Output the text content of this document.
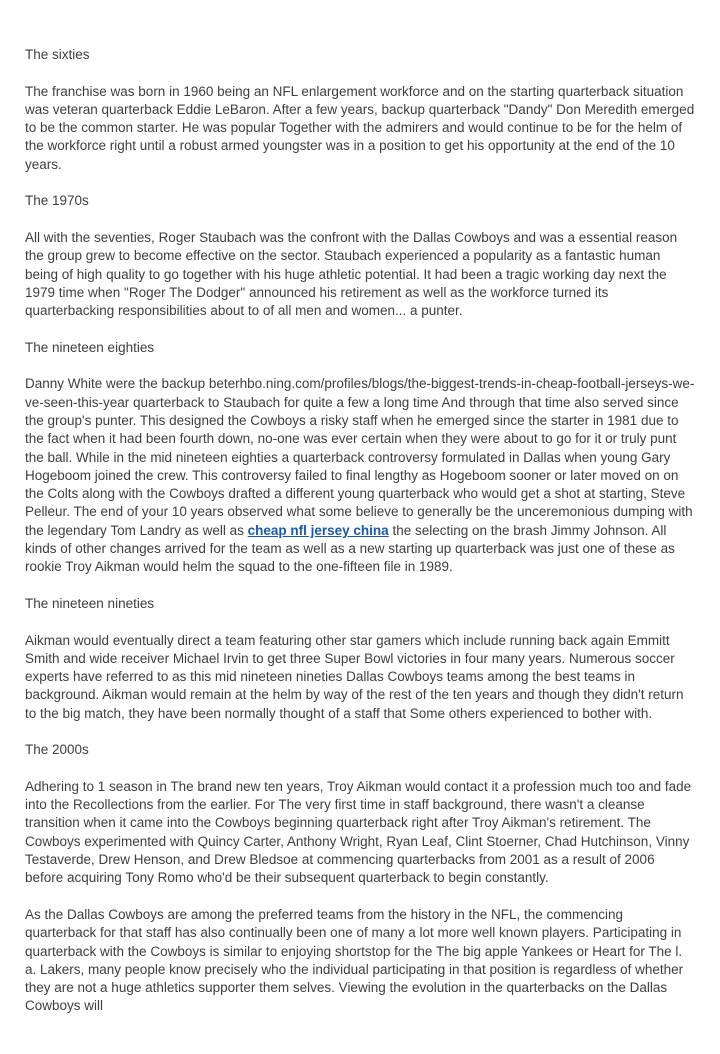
The sixties

The franchise was born in 1960 being an NFL enlargement workforce and on the starting quarterback situation was veteran quarterback Eddie LeBaron. After a few years, backup quarterback "Dandy" Don Meredith emerged to be the common starter. He was popular Together with the admirers and would continue to be for the helm of the workforce right until a robust armed youngster was in a position to get his opportunity at the end of the 10 years.

The 1970s

All with the seventies, Roger Staubach was the confront with the Dallas Cowboys and was a essential reason the group grew to become effective on the sector. Staubach experienced a popularity as a fantastic human being of high quality to go together with his huge athletic potential. It had been a tragic working day next the 1979 time when "Roger The Dodger" announced his retirement as well as the workforce turned its quarterbacking responsibilities about to of all men and women... a punter.

The nineteen eighties

Danny White were the backup beterhbo.ning.com/profiles/blogs/the-biggest-trends-in-cheap-football-jerseys-we-ve-seen-this-year quarterback to Staubach for quite a few a long time And through that time also served since the group's punter. This designed the Cowboys a risky staff when he emerged since the starter in 1981 due to the fact when it had been fourth down, no-one was ever certain when they were about to go for it or truly punt the ball. While in the mid nineteen eighties a quarterback controversy formulated in Dallas when young Gary Hogeboom joined the crew. This controversy failed to final lengthy as Hogeboom sooner or later moved on on the Colts along with the Cowboys drafted a different young quarterback who would get a shot at starting, Steve Pelleur. The end of your 10 years observed what some believe to generally be the unceremonious dumping with the legendary Tom Landry as well as cheap nfl jersey china the selecting on the brash Jimmy Johnson. All kinds of other changes arrived for the team as well as a new starting up quarterback was just one of these as rookie Troy Aikman would helm the squad to the one-fifteen file in 1989.

The nineteen nineties

Aikman would eventually direct a team featuring other star gamers which include running back again Emmitt Smith and wide receiver Michael Irvin to get three Super Bowl victories in four many years. Numerous soccer experts have referred to as this mid nineteen nineties Dallas Cowboys teams among the best teams in background. Aikman would remain at the helm by way of the rest of the ten years and though they didn't return to the big match, they have been normally thought of a staff that Some others experienced to bother with.

The 2000s

Adhering to 1 season in The brand new ten years, Troy Aikman would contact it a profession much too and fade into the Recollections from the earlier. For The very first time in staff background, there wasn't a cleanse transition when it came into the Cowboys beginning quarterback right after Troy Aikman's retirement. The Cowboys experimented with Quincy Carter, Anthony Wright, Ryan Leaf, Clint Stoerner, Chad Hutchinson, Vinny Testaverde, Drew Henson, and Drew Bledsoe at commencing quarterbacks from 2001 as a result of 2006 before acquiring Tony Romo who'd be their subsequent quarterback to begin constantly.

As the Dallas Cowboys are among the preferred teams from the history in the NFL, the commencing quarterback for that staff has also continually been one of many a lot more well known players. Participating in quarterback with the Cowboys is similar to enjoying shortstop for the The big apple Yankees or Heart for The l. a. Lakers, many people know precisely who the individual participating in that position is regardless of whether they are not a huge athletics supporter them selves. Viewing the evolution in the quarterbacks on the Dallas Cowboys will
